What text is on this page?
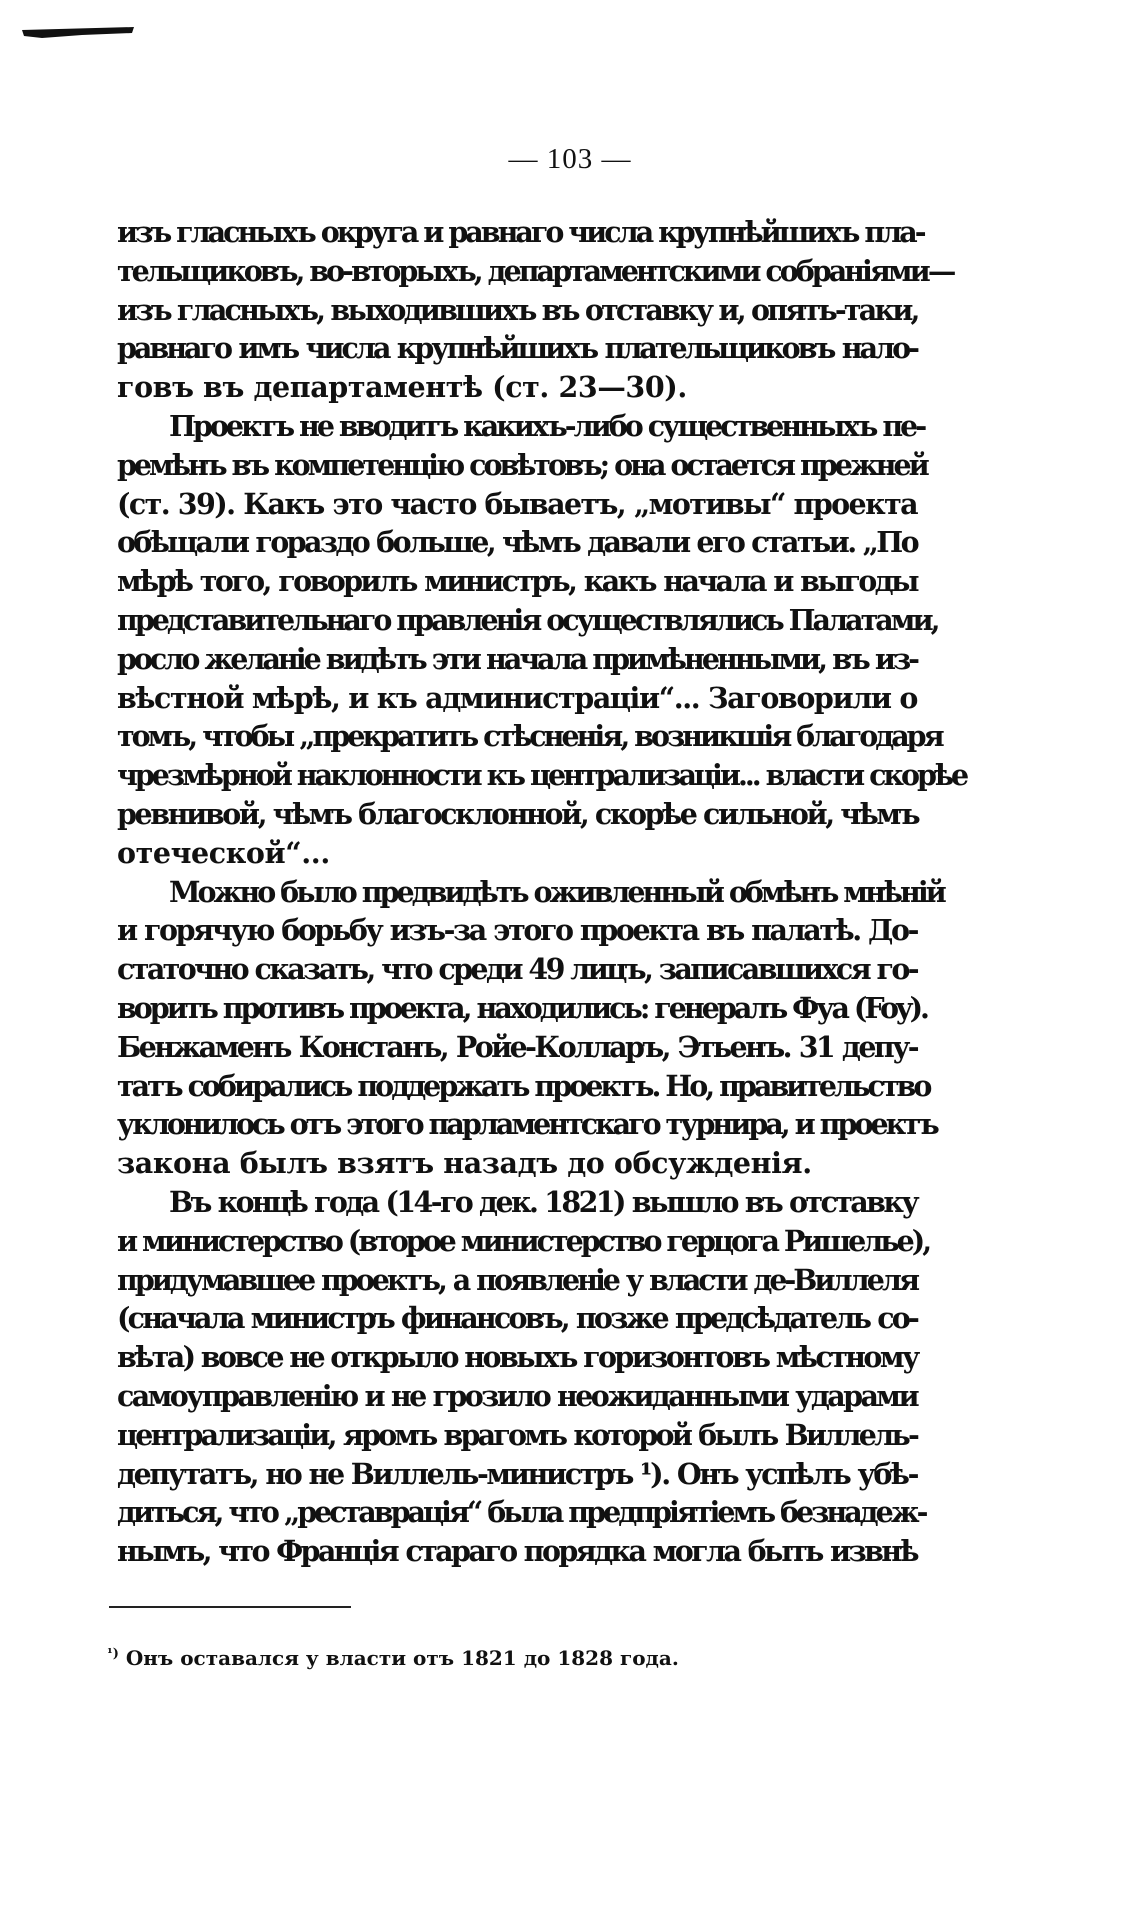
— 103 —
изъ гласныхъ округа и равнаго числа крупнѣйшихъ пла-
тельщиковъ, во-вторыхъ, департаментскими собраніями—
изъ гласныхъ, выходившихъ въ отставку и, опять-таки,
равнаго имъ числа крупнѣйшихъ плательщиковъ нало-
говъ въ департаментѣ (ст. 23—30).
Проектъ не вводитъ какихъ-либо существенныхъ пе-
ремѣнъ въ компетенцію совѣтовъ; она остается прежней
(ст. 39). Какъ это часто бываетъ, „мотивы“ проекта
обѣщали гораздо больше, чѣмъ давали его статьи. „По
мѣрѣ того, говорилъ министръ, какъ начала и выгоды
представительнаго правленія осуществлялись Палатами,
росло желаніе видѣть эти начала примѣненными, въ из-
вѣстной мѣрѣ, и къ администраціи“... Заговорили о
томъ, чтобы „прекратить стѣсненія, возникшія благодаря
чрезмѣрной наклонности къ централизаціи... власти скорѣе
ревнивой, чѣмъ благосклонной, скорѣе сильной, чѣмъ
отеческой“...
Можно было предвидѣть оживленный обмѣнъ мнѣній
и горячую борьбу изъ-за этого проекта въ палатѣ. До-
статочно сказать, что среди 49 лицъ, записавшихся го-
ворить противъ проекта, находились: генералъ Фуа (Foy).
Бенжаменъ Констанъ, Ройе-Колларъ, Этьенъ. 31 депу-
татъ собирались поддержать проектъ. Но, правительство
уклонилось отъ этого парламентскаго турнира, и проектъ
закона былъ взятъ назадъ до обсужденія.
Въ концѣ года (14-го дек. 1821) вышло въ отставку
и министерство (второе министерство герцога Ришелье),
придумавшее проектъ, а появленіе у власти де-Виллеля
(сначала министръ финансовъ, позже предсѣдатель со-
вѣта) вовсе не открыло новыхъ горизонтовъ мѣстному
самоуправленію и не грозило неожиданными ударами
централизаціи, яромъ врагомъ которой былъ Виллель-
депутатъ, но не Виллель-министръ ¹). Онъ успѣлъ убѣ-
диться, что „реставрація“ была предпріятіемъ безнадеж-
нымъ, что Франція стараго порядка могла быть извнѣ
$^{^1)}$ Онъ оставался у власти отъ 1821 до 1828 года.
